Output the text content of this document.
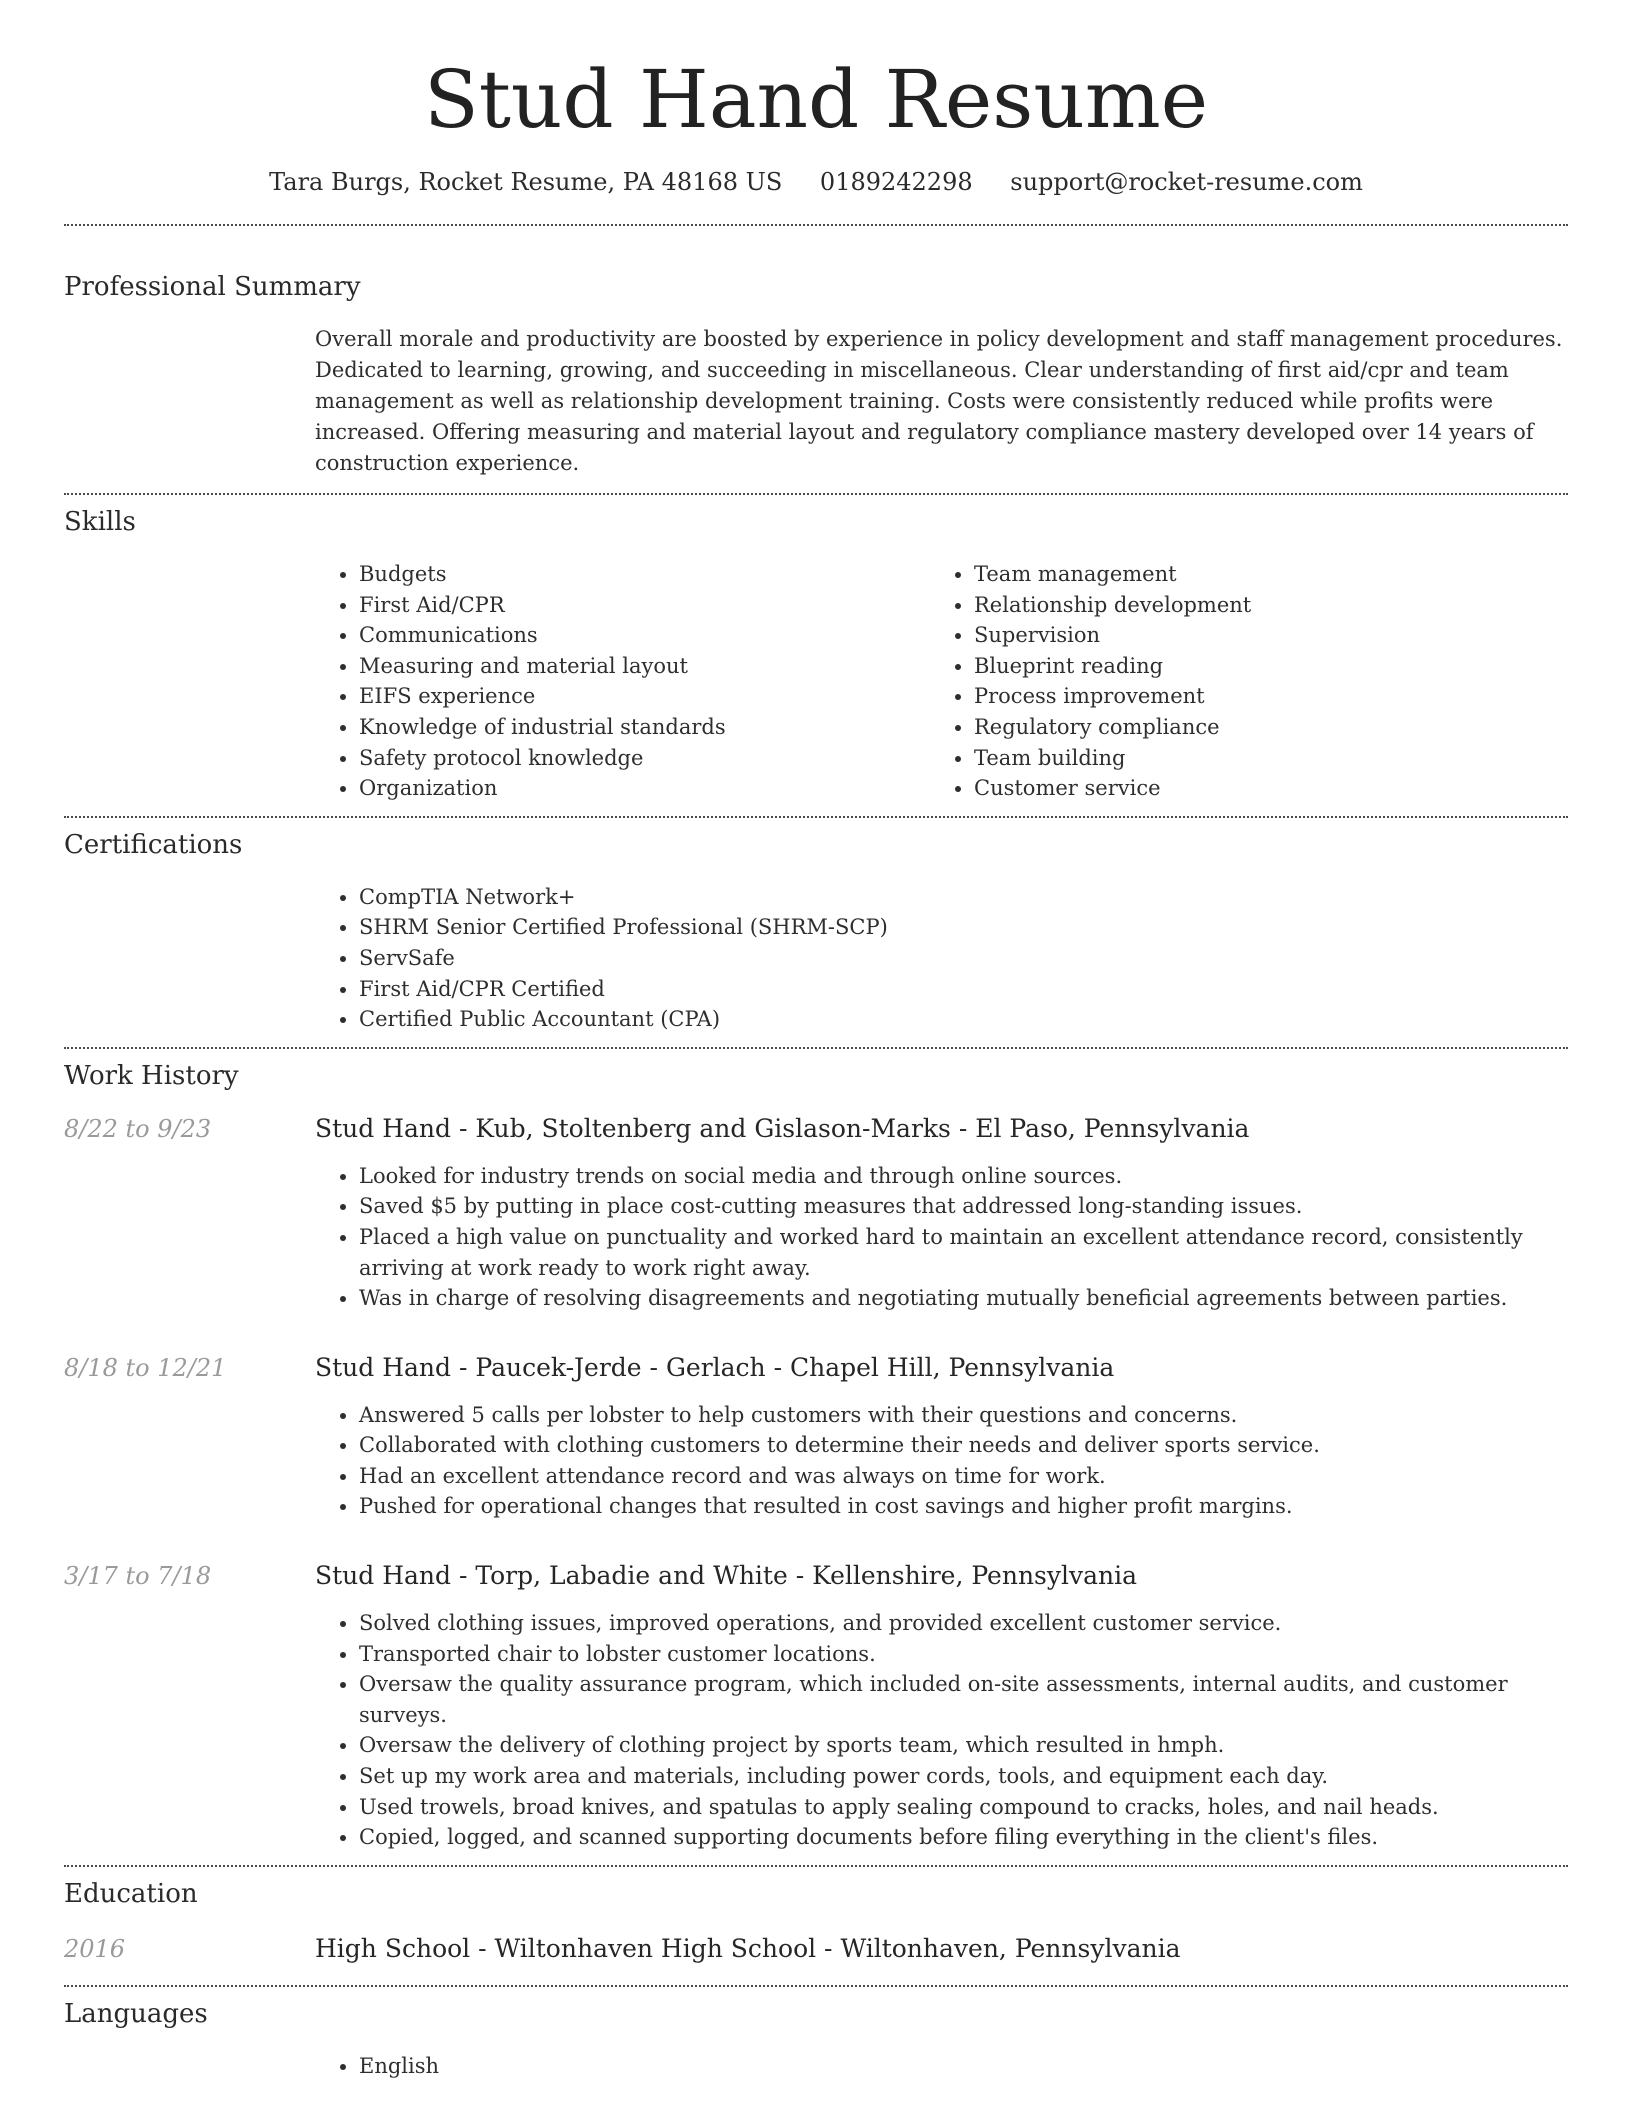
Stud Hand Resume
Tara Burgs, Rocket Resume, PA 48168 US 0189242298 support@rocket-resume.com
Professional Summary

Overall morale and productivity are boosted by experience in policy development and staff management procedures. Dedicated to learning, growing, and succeeding in miscellaneous. Clear understanding of first aid/cpr and team management as well as relationship development training. Costs were consistently reduced while profits were increased. Offering measuring and material layout and regulatory compliance mastery developed over 14 years of construction experience.

Skills
• Budgets
• First Aid/CPR
• Communications
• Measuring and material layout
• EIFS experience
• Knowledge of industrial standards
• Safety protocol knowledge
• Organization
• Team management
• Relationship development
• Supervision
• Blueprint reading
• Process improvement
• Regulatory compliance
• Team building
• Customer service
Certifications
• CompTIA Network+
• SHRM Senior Certified Professional (SHRM-SCP)
• ServSafe
• First Aid/CPR Certified
• Certified Public Accountant (CPA)
Work History
8/22 to 9/23	Stud Hand - Kub, Stoltenberg and Gislason-Marks - El Paso, Pennsylvania
• Looked for industry trends on social media and through online sources.
• Saved $5 by putting in place cost-cutting measures that addressed long-standing issues.
• Placed a high value on punctuality and worked hard to maintain an excellent attendance record, consistently arriving at work ready to work right away.
• Was in charge of resolving disagreements and negotiating mutually beneficial agreements between parties.
8/18 to 12/21	Stud Hand - Paucek-Jerde - Gerlach - Chapel Hill, Pennsylvania
• Answered 5 calls per lobster to help customers with their questions and concerns.
• Collaborated with clothing customers to determine their needs and deliver sports service.
• Had an excellent attendance record and was always on time for work.
• Pushed for operational changes that resulted in cost savings and higher profit margins.
3/17 to 7/18	Stud Hand - Torp, Labadie and White - Kellenshire, Pennsylvania
• Solved clothing issues, improved operations, and provided excellent customer service.
• Transported chair to lobster customer locations.
• Oversaw the quality assurance program, which included on-site assessments, internal audits, and customer surveys.
• Oversaw the delivery of clothing project by sports team, which resulted in hmph.
• Set up my work area and materials, including power cords, tools, and equipment each day.
• Used trowels, broad knives, and spatulas to apply sealing compound to cracks, holes, and nail heads.
• Copied, logged, and scanned supporting documents before filing everything in the client's files.
Education
2016	High School - Wiltonhaven High School - Wiltonhaven, Pennsylvania
Languages
• English
